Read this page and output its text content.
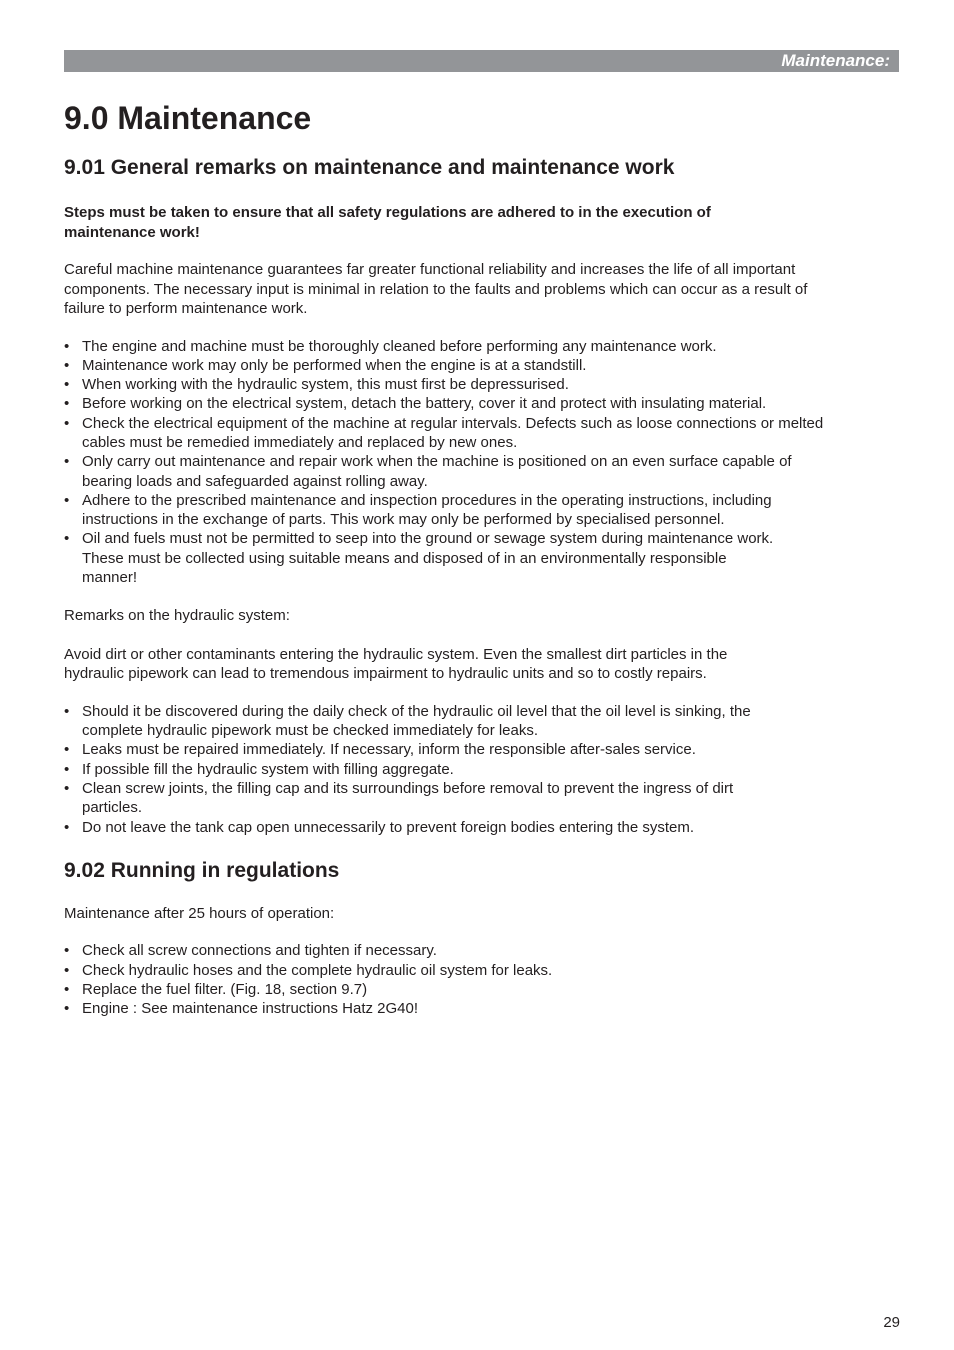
Maintenance:
9.0 Maintenance
9.01 General remarks on maintenance and maintenance work

Steps must be taken to ensure that all safety regulations are adhered to in the execution of maintenance work!

Careful machine maintenance guarantees far greater functional reliability and increases the life of all important components. The necessary input is minimal in relation to the faults and problems which can occur as a result of failure to perform maintenance work.

• The engine and machine must be thoroughly cleaned before performing any maintenance work.
• Maintenance work may only be performed when the engine is at a standstill.
• When working with the hydraulic system, this must first be depressurised.
• Before working on the electrical system, detach the battery, cover it and protect with insulating material.
• Check the electrical equipment of the machine at regular intervals. Defects such as loose connections or melted cables must be remedied immediately and replaced by new ones.
• Only carry out maintenance and repair work when the machine is positioned on an even surface capable of bearing loads and safeguarded against rolling away.
• Adhere to the prescribed maintenance and inspection procedures in the operating instructions, including instructions in the exchange of parts. This work may only be performed by specialised personnel.
• Oil and fuels must not be permitted to seep into the ground or sewage system during maintenance work. These must be collected using suitable means and disposed of in an environmentally responsible manner!

Remarks on the hydraulic system:

Avoid dirt or other contaminants entering the hydraulic system. Even the smallest dirt particles in the hydraulic pipework can lead to tremendous impairment to hydraulic units and so to costly repairs.

• Should it be discovered during the daily check of the hydraulic oil level that the oil level is sinking, the complete hydraulic pipework must be checked immediately for leaks.
• Leaks must be repaired immediately. If necessary, inform the responsible after-sales service.
• If possible fill the hydraulic system with filling aggregate.
• Clean screw joints, the filling cap and its surroundings before removal to prevent the ingress of dirt particles.
• Do not leave the tank cap open unnecessarily to prevent foreign bodies entering the system.
9.02 Running in regulations

Maintenance after 25 hours of operation:

• Check all screw connections and tighten if necessary.
• Check hydraulic hoses and the complete hydraulic oil system for leaks.
• Replace the fuel filter. (Fig. 18, section 9.7)
• Engine : See maintenance instructions Hatz 2G40!
29
